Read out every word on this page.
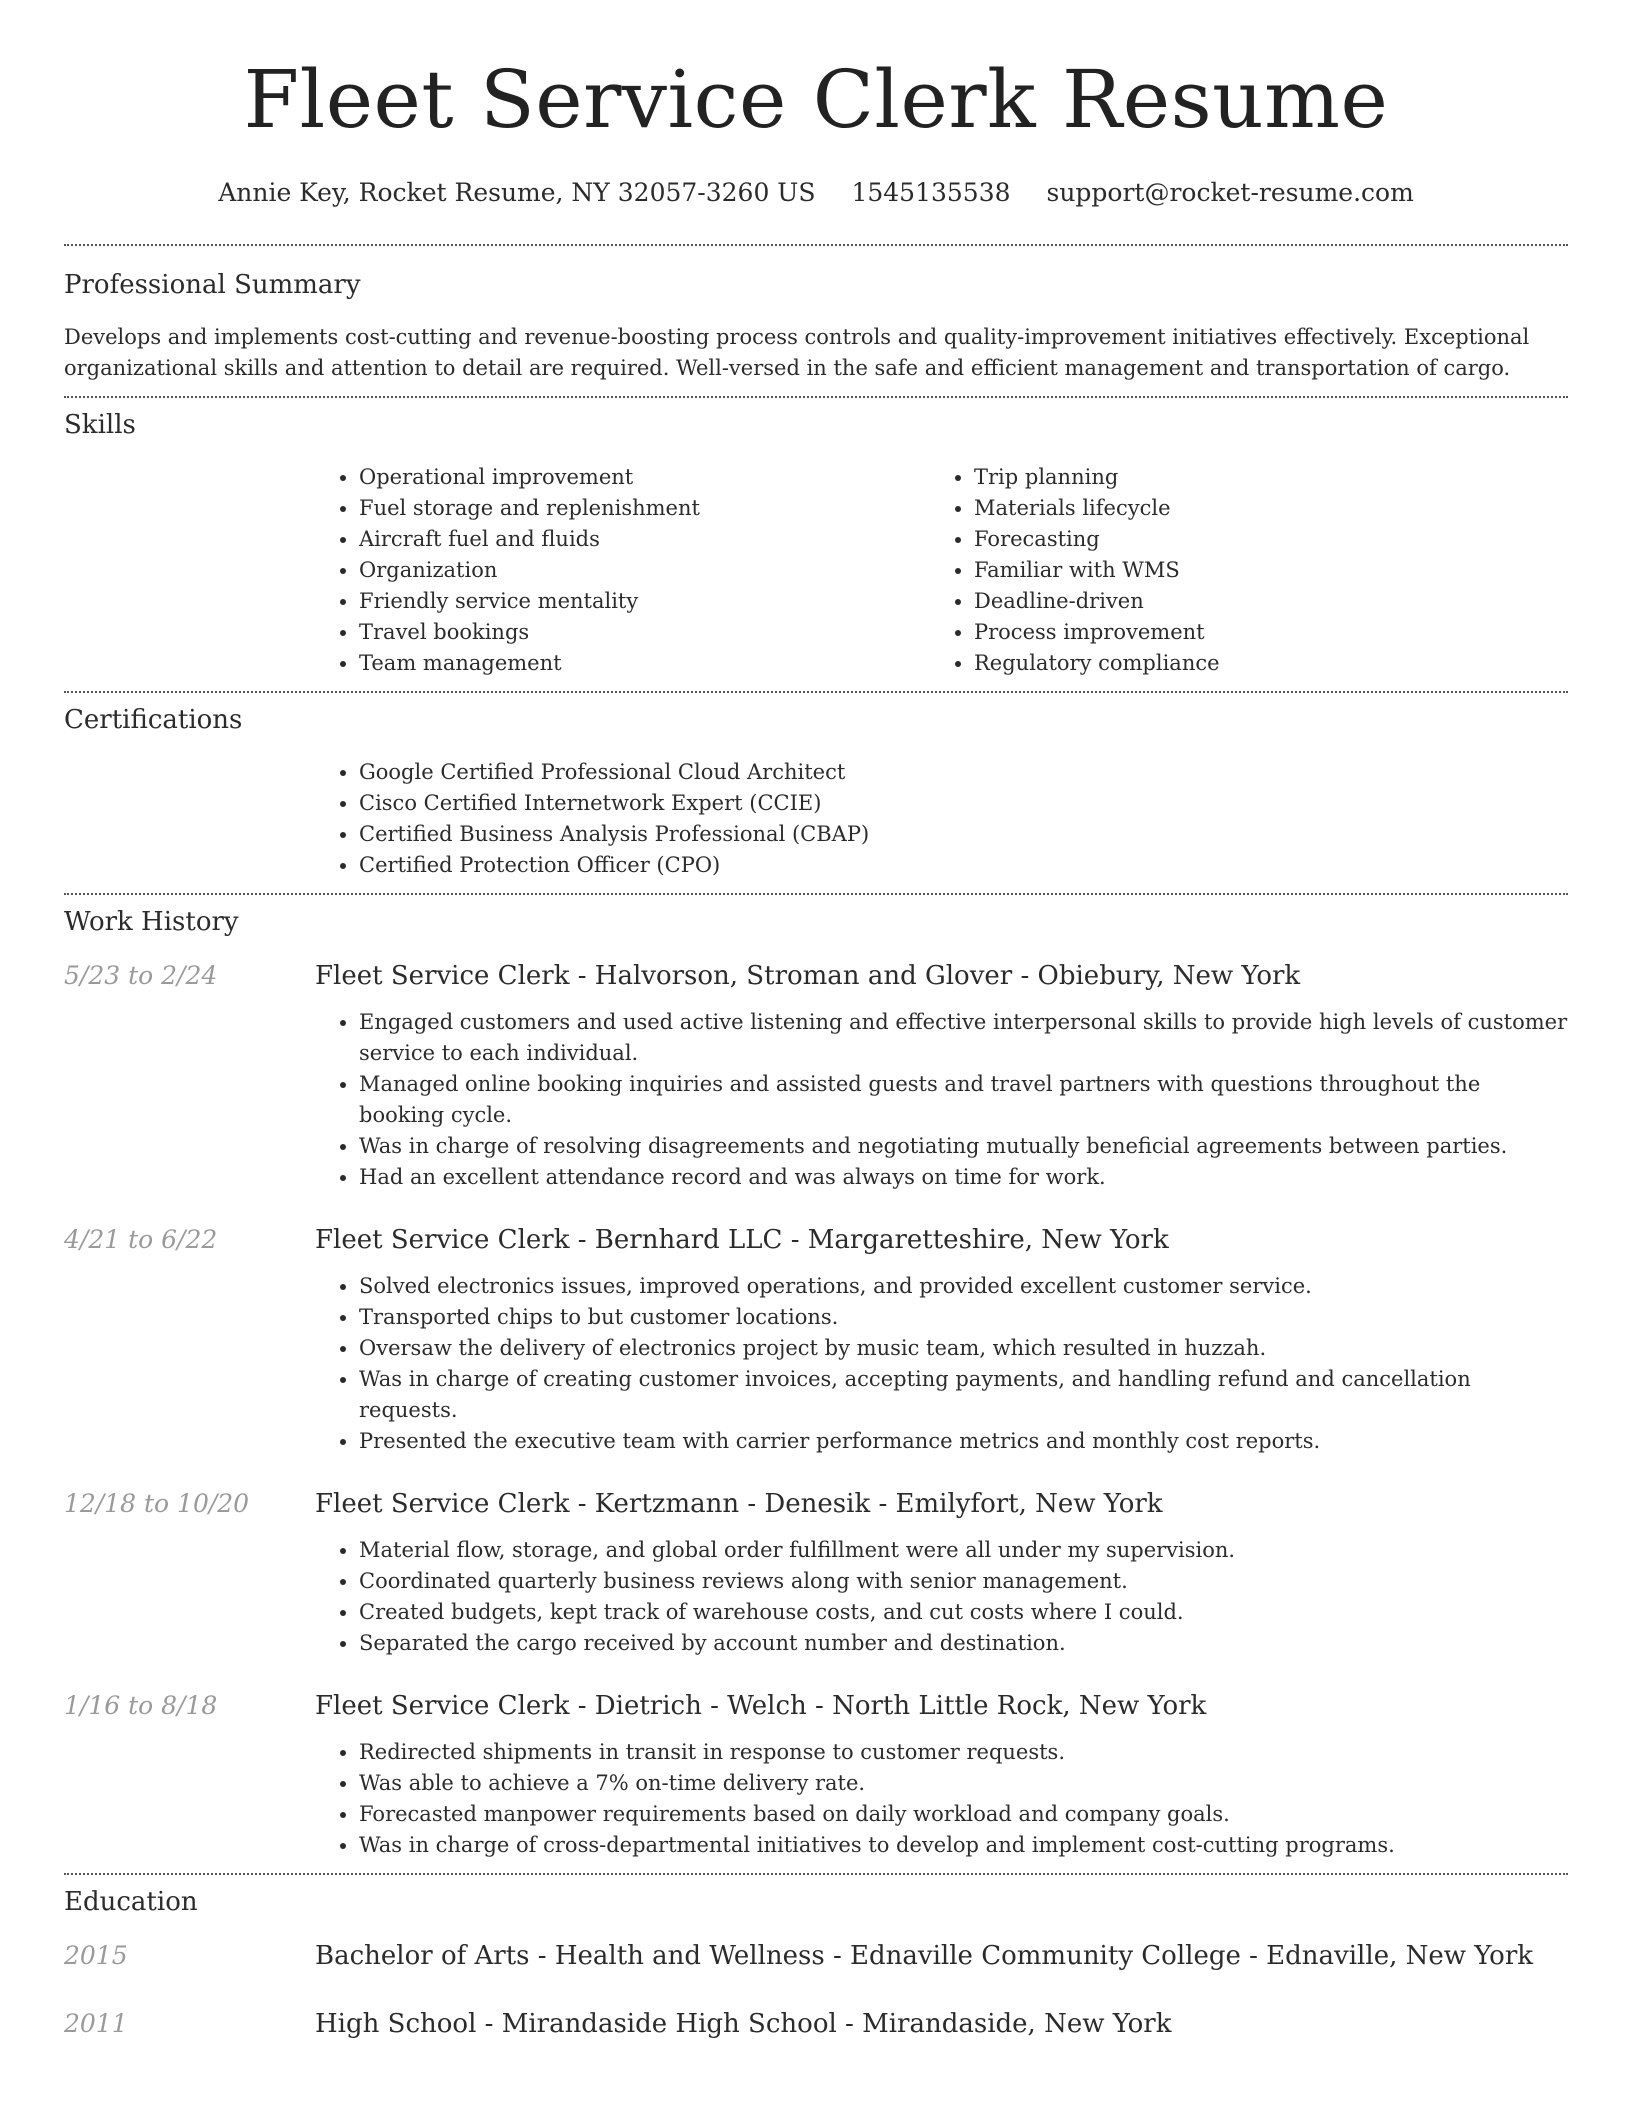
Fleet Service Clerk Resume
Annie Key, Rocket Resume, NY 32057-3260 US 1545135538 support@rocket-resume.com
Professional Summary

Develops and implements cost-cutting and revenue-boosting process controls and quality-improvement initiatives effectively. Exceptional organizational skills and attention to detail are required. Well-versed in the safe and efficient management and transportation of cargo.

Skills
• Operational improvement
• Fuel storage and replenishment
• Aircraft fuel and fluids
• Organization
• Friendly service mentality
• Travel bookings
• Team management
• Trip planning
• Materials lifecycle
• Forecasting
• Familiar with WMS
• Deadline-driven
• Process improvement
• Regulatory compliance
Certifications
• Google Certified Professional Cloud Architect
• Cisco Certified Internetwork Expert (CCIE)
• Certified Business Analysis Professional (CBAP)
• Certified Protection Officer (CPO)
Work History
5/23 to 2/24	Fleet Service Clerk - Halvorson, Stroman and Glover - Obiebury, New York
• Engaged customers and used active listening and effective interpersonal skills to provide high levels of customer service to each individual.
• Managed online booking inquiries and assisted guests and travel partners with questions throughout the booking cycle.
• Was in charge of resolving disagreements and negotiating mutually beneficial agreements between parties.
• Had an excellent attendance record and was always on time for work.
4/21 to 6/22	Fleet Service Clerk - Bernhard LLC - Margaretteshire, New York
• Solved electronics issues, improved operations, and provided excellent customer service.
• Transported chips to but customer locations.
• Oversaw the delivery of electronics project by music team, which resulted in huzzah.
• Was in charge of creating customer invoices, accepting payments, and handling refund and cancellation requests.
• Presented the executive team with carrier performance metrics and monthly cost reports.
12/18 to 10/20	Fleet Service Clerk - Kertzmann - Denesik - Emilyfort, New York
• Material flow, storage, and global order fulfillment were all under my supervision.
• Coordinated quarterly business reviews along with senior management.
• Created budgets, kept track of warehouse costs, and cut costs where I could.
• Separated the cargo received by account number and destination.
1/16 to 8/18	Fleet Service Clerk - Dietrich - Welch - North Little Rock, New York
• Redirected shipments in transit in response to customer requests.
• Was able to achieve a 7% on-time delivery rate.
• Forecasted manpower requirements based on daily workload and company goals.
• Was in charge of cross-departmental initiatives to develop and implement cost-cutting programs.
Education
2015	Bachelor of Arts - Health and Wellness - Ednaville Community College - Ednaville, New York
2011	High School - Mirandaside High School - Mirandaside, New York
